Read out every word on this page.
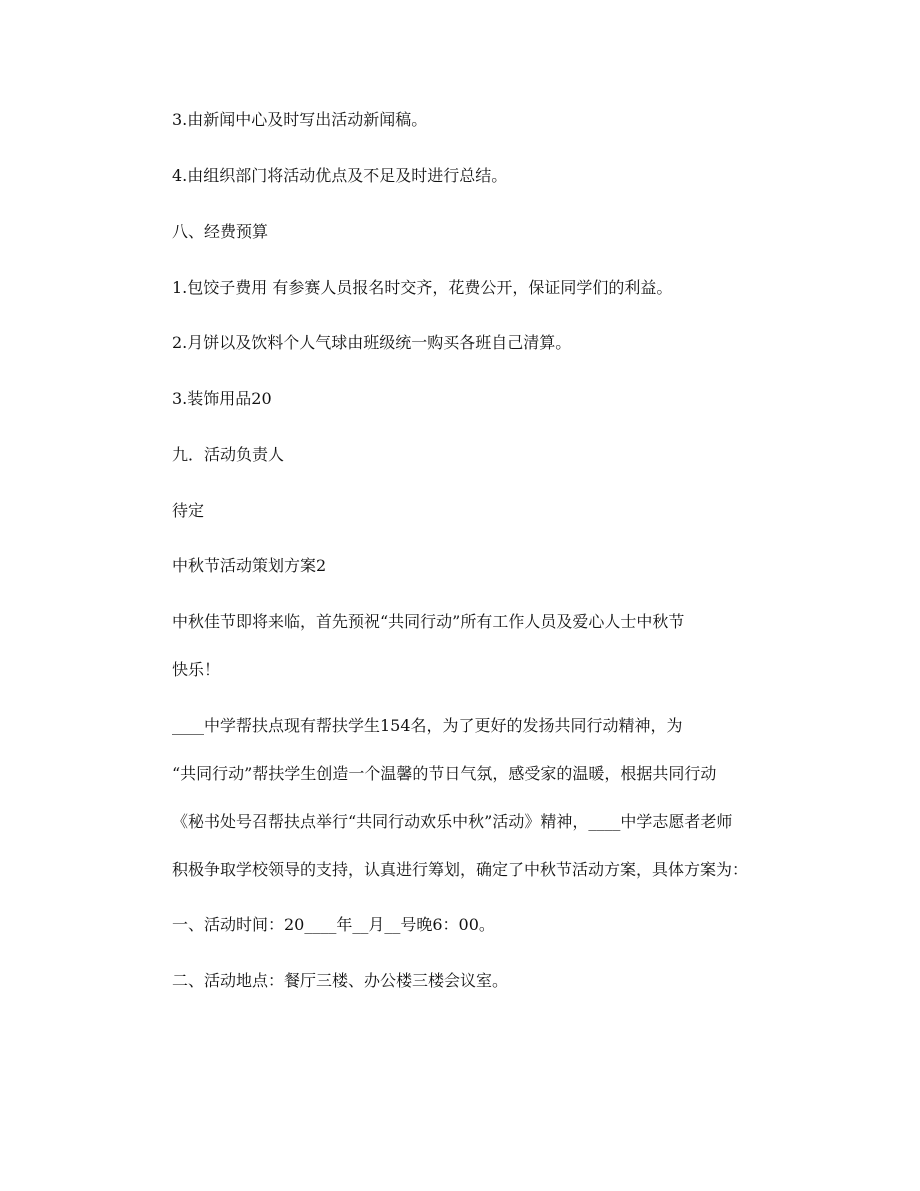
3.由新闻中心及时写出活动新闻稿。
4.由组织部门将活动优点及不足及时进行总结。
八、经费预算
1.包饺子费用 有参赛人员报名时交齐，花费公开，保证同学们的利益。
2.月饼以及饮料个人气球由班级统一购买各班自己清算。
3.装饰用品20
九．活动负责人
待定
中秋节活动策划方案2
中秋佳节即将来临，首先预祝“共同行动”所有工作人员及爱心人士中秋节
快乐！
____中学帮扶点现有帮扶学生154名，为了更好的发扬共同行动精神，为
“共同行动”帮扶学生创造一个温馨的节日气氛，感受家的温暖，根据共同行动
《秘书处号召帮扶点举行“共同行动欢乐中秋”活动》精神，____中学志愿者老师
积极争取学校领导的支持，认真进行筹划，确定了中秋节活动方案，具体方案为：
一、活动时间：20____年__月__号晚6：00。
二、活动地点：餐厅三楼、办公楼三楼会议室。
